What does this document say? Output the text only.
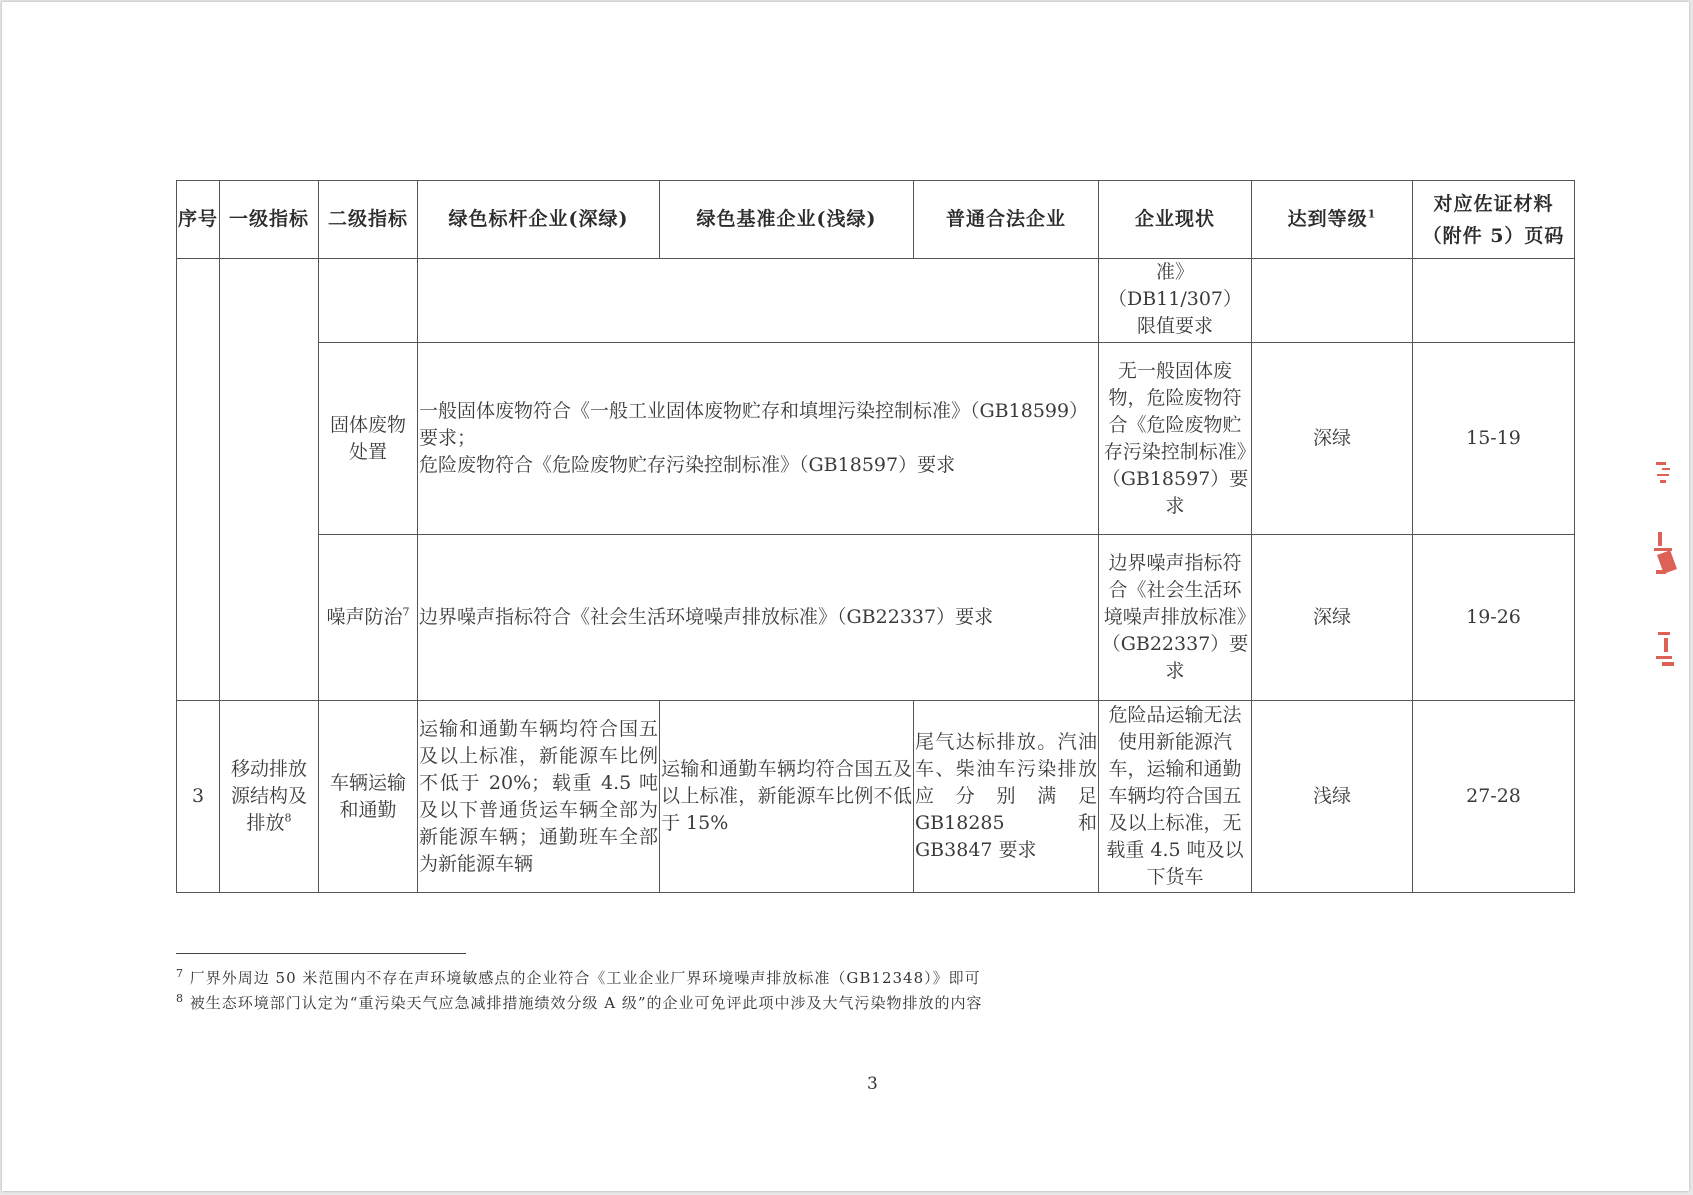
序号	一级指标	二级指标	绿色标杆企业(深绿)	绿色基准企业(浅绿)	普通合法企业	企业现状	达到等级$^1$	对应佐证材料
（附件 5）页码
						准》（DB11/307）限值要求		
		固体废物处置	一般固体废物符合《一般工业固体废物贮存和填埋污染控制标准》（GB18599）要求；
危险废物符合《危险废物贮存污染控制标准》（GB18597）要求			无一般固体废物，危险废物符合《危险废物贮存污染控制标准》（GB18597）要求	深绿	15-19
		噪声防治$^7$	边界噪声指标符合《社会生活环境噪声排放标准》（GB22337）要求			边界噪声指标符合《社会生活环境噪声排放标准》（GB22337）要求	深绿	19-26
3	移动排放源结构及排放$^8$	车辆运输和通勤	运输和通勤车辆均符合国五及以上标准，新能源车比例不低于 20%；载重 4.5 吨及以下普通货运车辆全部为新能源车辆；通勤班车全部为新能源车辆	运输和通勤车辆均符合国五及以上标准，新能源车比例不低于 15%	尾气达标排放。汽油车、柴油车污染排放应分别满足 GB18285 和 GB3847 要求	危险品运输无法使用新能源汽车，运输和通勤车辆均符合国五及以上标准，无载重 4.5 吨及以下货车	浅绿	27-28
$^7$ 厂界外周边 50 米范围内不存在声环境敏感点的企业符合《工业企业厂界环境噪声排放标准（GB12348）》即可
$^8$ 被生态环境部门认定为“重污染天气应急减排措施绩效分级 A 级”的企业可免评此项中涉及大气污染物排放的内容
3
